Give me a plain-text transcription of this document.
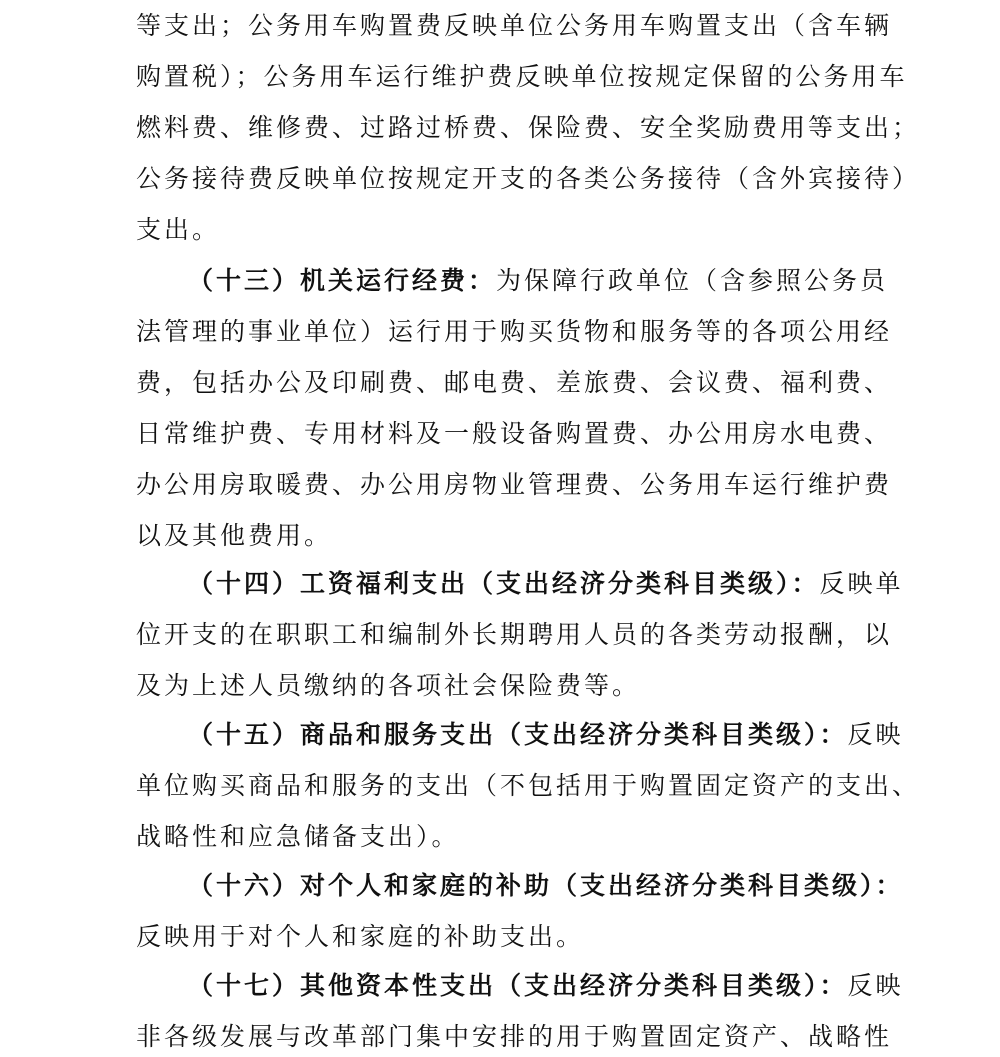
等支出；公务用车购置费反映单位公务用车购置支出（含车辆
购置税）；公务用车运行维护费反映单位按规定保留的公务用车
燃料费、维修费、过路过桥费、保险费、安全奖励费用等支出；
公务接待费反映单位按规定开支的各类公务接待（含外宾接待）
支出。
（十三）机关运行经费：为保障行政单位（含参照公务员
法管理的事业单位）运行用于购买货物和服务等的各项公用经
费，包括办公及印刷费、邮电费、差旅费、会议费、福利费、
日常维护费、专用材料及一般设备购置费、办公用房水电费、
办公用房取暖费、办公用房物业管理费、公务用车运行维护费
以及其他费用。
（十四）工资福利支出（支出经济分类科目类级）：反映单
位开支的在职职工和编制外长期聘用人员的各类劳动报酬，以
及为上述人员缴纳的各项社会保险费等。
（十五）商品和服务支出（支出经济分类科目类级）：反映
单位购买商品和服务的支出（不包括用于购置固定资产的支出、
战略性和应急储备支出）。
（十六）对个人和家庭的补助（支出经济分类科目类级）：
反映用于对个人和家庭的补助支出。
（十七）其他资本性支出（支出经济分类科目类级）：反映
非各级发展与改革部门集中安排的用于购置固定资产、战略性
